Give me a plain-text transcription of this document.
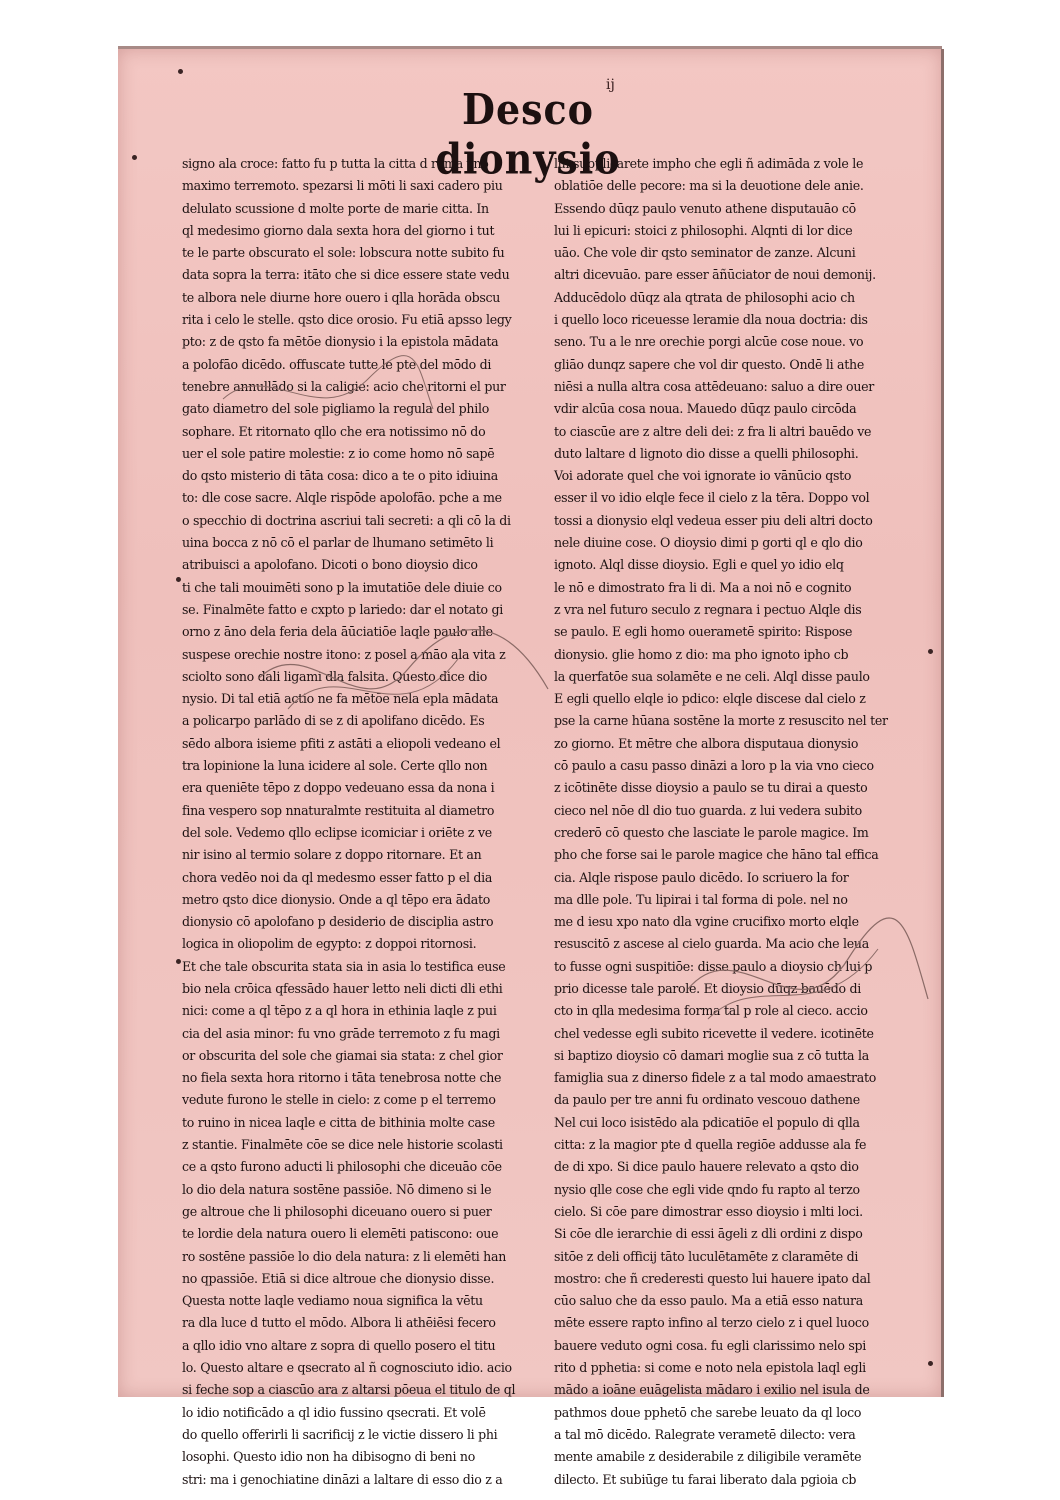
ij
Desco dionysio
signo ala croce: fatto fu p tutta la citta d roma vno
maximo terremoto. spezarsi li mōti li saxi cadero piu
delulato scussione d molte porte de marie citta. In
ql medesimo giorno dala sexta hora del giorno i tut
te le parte obscurato el sole: lobscura notte subito fu
data sopra la terra: itāto che si dice essere state vedu
te albora nele diurne hore ouero i qlla horāda obscu
rita i celo le stelle. qsto dice orosio. Fu etiā apsso legy
pto: z de qsto fa mētōe dionysio i la epistola mādata
a polofāo dicēdo. offuscate tutte le pte del mōdo di
tenebre annullādo si la caligie: acio che ritorni el pur
gato diametro del sole pigliamo la regula del philo
sophare. Et ritornato qllo che era notissimo nō do
uer el sole patire molestie: z io come homo nō sapē
do qsto misterio di tāta cosa: dico a te o pito idiuina
to: dle cose sacre. Alqle rispōde apolofāo. pche a me
o specchio di doctrina ascriui tali secreti: a qli cō la di
uina bocca z nō cō el parlar de lhumano setimēto li
atribuisci a apolofano. Dicoti o bono dioysio dico
ti che tali mouimēti sono p la imutatiōe dele diuie co
se. Finalmēte fatto e cxpto p lariedo: dar el notato gi
orno z āno dela feria dela āūciatiōe laqle paulo alle
suspese orechie nostre itono: z posel a māo ala vita z
sciolto sono dali ligami dla falsita. Questo dice dio
nysio. Di tal etiā actio ne fa mētōe nela epla mādata
a policarpo parlādo di se z di apolifano dicēdo. Es
sēdo albora isieme pfiti z astāti a eliopoli vedeano el
tra lopinione la luna icidere al sole. Certe qllo non
era queniēte tēpo z doppo vedeuano essa da nona i
fina vespero sop nnaturalmte restituita al diametro
del sole. Vedemo qllo eclipse icomiciar i oriēte z ve
nir isino al termio solare z doppo ritornare. Et an
chora vedēo noi da ql medesmo esser fatto p el dia
metro qsto dice dionysio. Onde a ql tēpo era ādato
dionysio cō apolofano p desiderio de disciplia astro
logica in oliopolim de egypto: z doppoi ritornosi.
Et che tale obscurita stata sia in asia lo testifica euse
bio nela crōica qfessādo hauer letto neli dicti dli ethi
nici: come a ql tēpo z a ql hora in ethinia laqle z pui
cia del asia minor: fu vno grāde terremoto z fu magi
or obscurita del sole che giamai sia stata: z chel gior
no fiela sexta hora ritorno i tāta tenebrosa notte che
vedute furono le stelle in cielo: z come p el terremo
to ruino in nicea laqle e citta de bithinia molte case
z stantie. Finalmēte cōe se dice nele historie scolasti
ce a qsto furono aducti li philosophi che diceuāo cōe
lo dio dela natura sostēne passiōe. Nō dimeno si le
ge altroue che li philosophi diceuano ouero si puer
te lordie dela natura ouero li elemēti patiscono: oue
ro sostēne passiōe lo dio dela natura: z li elemēti han
no qpassiōe. Etiā si dice altroue che dionysio disse.
Questa notte laqle vediamo noua significa la vētu
ra dla luce d tutto el mōdo. Albora li athēiēsi fecero
a qllo idio vno altare z sopra di quello posero el titu
lo. Questo altare e qsecrato al ñ cognosciuto idio. acio
si feche sop a ciascūo ara z altarsi pōeua el titulo de ql
lo idio notificādo a ql idio fussino qsecrati. Et volē
do quello offerirli li sacrificij z le victie dissero li phi
losophi. Questo idio non ha dibisogno di beni no
stri: ma i genochiatine dināzi a laltare di esso dio z a
lui supplicarete impho che egli ñ adimāda z vole le
oblatiōe delle pecore: ma si la deuotione dele anie.
Essendo dūqz paulo venuto athene disputauāo cō
lui li epicuri: stoici z philosophi. Alqnti di lor dice
uāo. Che vole dir qsto seminator de zanze. Alcuni
altri dicevuāo. pare esser āñūciator de noui demonij.
Adducēdolo dūqz ala qtrata de philosophi acio ch
i quello loco riceuesse leramie dla noua doctria: dis
seno. Tu a le nre orechie porgi alcūe cose noue. vo
gliāo dunqz sapere che vol dir questo. Ondē li athe
niēsi a nulla altra cosa attēdeuano: saluo a dire ouer
vdir alcūa cosa noua. Mauedo dūqz paulo circōda
to ciascūe are z altre deli dei: z fra li altri bauēdo ve
duto laltare d lignoto dio disse a quelli philosophi.
Voi adorate quel che voi ignorate io vānūcio qsto
esser il vo idio elqle fece il cielo z la tēra. Doppo vol
tossi a dionysio elql vedeua esser piu deli altri docto
nele diuine cose. O dioysio dimi p gorti ql e qlo dio
ignoto. Alql disse dioysio. Egli e quel yo idio elq
le nō e dimostrato fra li di. Ma a noi nō e cognito
z vra nel futuro seculo z regnara i pectuo Alqle dis
se paulo. E egli homo ouerametē spirito: Rispose
dionysio. glie homo z dio: ma pho ignoto ipho cb
la querfatōe sua solamēte e ne celi. Alql disse paulo
E egli quello elqle io pdico: elqle discese dal cielo z
pse la carne hūana sostēne la morte z resuscito nel ter
zo giorno. Et mētre che albora disputaua dionysio
cō paulo a casu passo dināzi a loro p la via vno cieco
z icōtinēte disse dioysio a paulo se tu dirai a questo
cieco nel nōe dl dio tuo guarda. z lui vedera subito
crederō cō questo che lasciate le parole magice. Im
pho che forse sai le parole magice che hāno tal effica
cia. Alqle rispose paulo dicēdo. Io scriuero la for
ma dlle pole. Tu lipirai i tal forma di pole. nel no
me d iesu xpo nato dla vgine crucifixo morto elqle
resuscitō z ascese al cielo guarda. Ma acio che leua
to fusse ogni suspitiōe: disse paulo a dioysio ch lui p
prio dicesse tale parole. Et dioysio dūqz bauēdo di
cto in qlla medesima forma tal p role al cieco. accio
chel vedesse egli subito ricevette il vedere. icotinēte
si baptizo dioysio cō damari moglie sua z cō tutta la
famiglia sua z dinerso fidele z a tal modo amaestrato
da paulo per tre anni fu ordinato vescouo dathene
Nel cui loco isistēdo ala pdicatiōe el populo di qlla
citta: z la magior pte d quella regiōe addusse ala fe
de di xpo. Si dice paulo hauere relevato a qsto dio
nysio qlle cose che egli vide qndo fu rapto al terzo
cielo. Si cōe pare dimostrar esso dioysio i mlti loci.
Si cōe dle ierarchie di essi āgeli z dli ordini z dispo
sitōe z deli officij tāto luculētamēte z claramēte di
mostro: che ñ crederesti questo lui hauere ipato dal
cūo saluo che da esso paulo. Ma a etiā esso natura
mēte essere rapto infino al terzo cielo z i quel luoco
bauere veduto ogni cosa. fu egli clarissimo nelo spi
rito d pphetia: si come e noto nela epistola laql egli
mādo a ioāne euāgelista mādaro i exilio nel isula de
pathmos doue pphetō che sarebe leuato da ql loco
a tal mō dicēdo. Ralegrate verametē dilecto: vera
mente amabile z desiderabile z diligibile veramēte
dilecto. Et subiūge tu farai liberato dala pgioia cb
